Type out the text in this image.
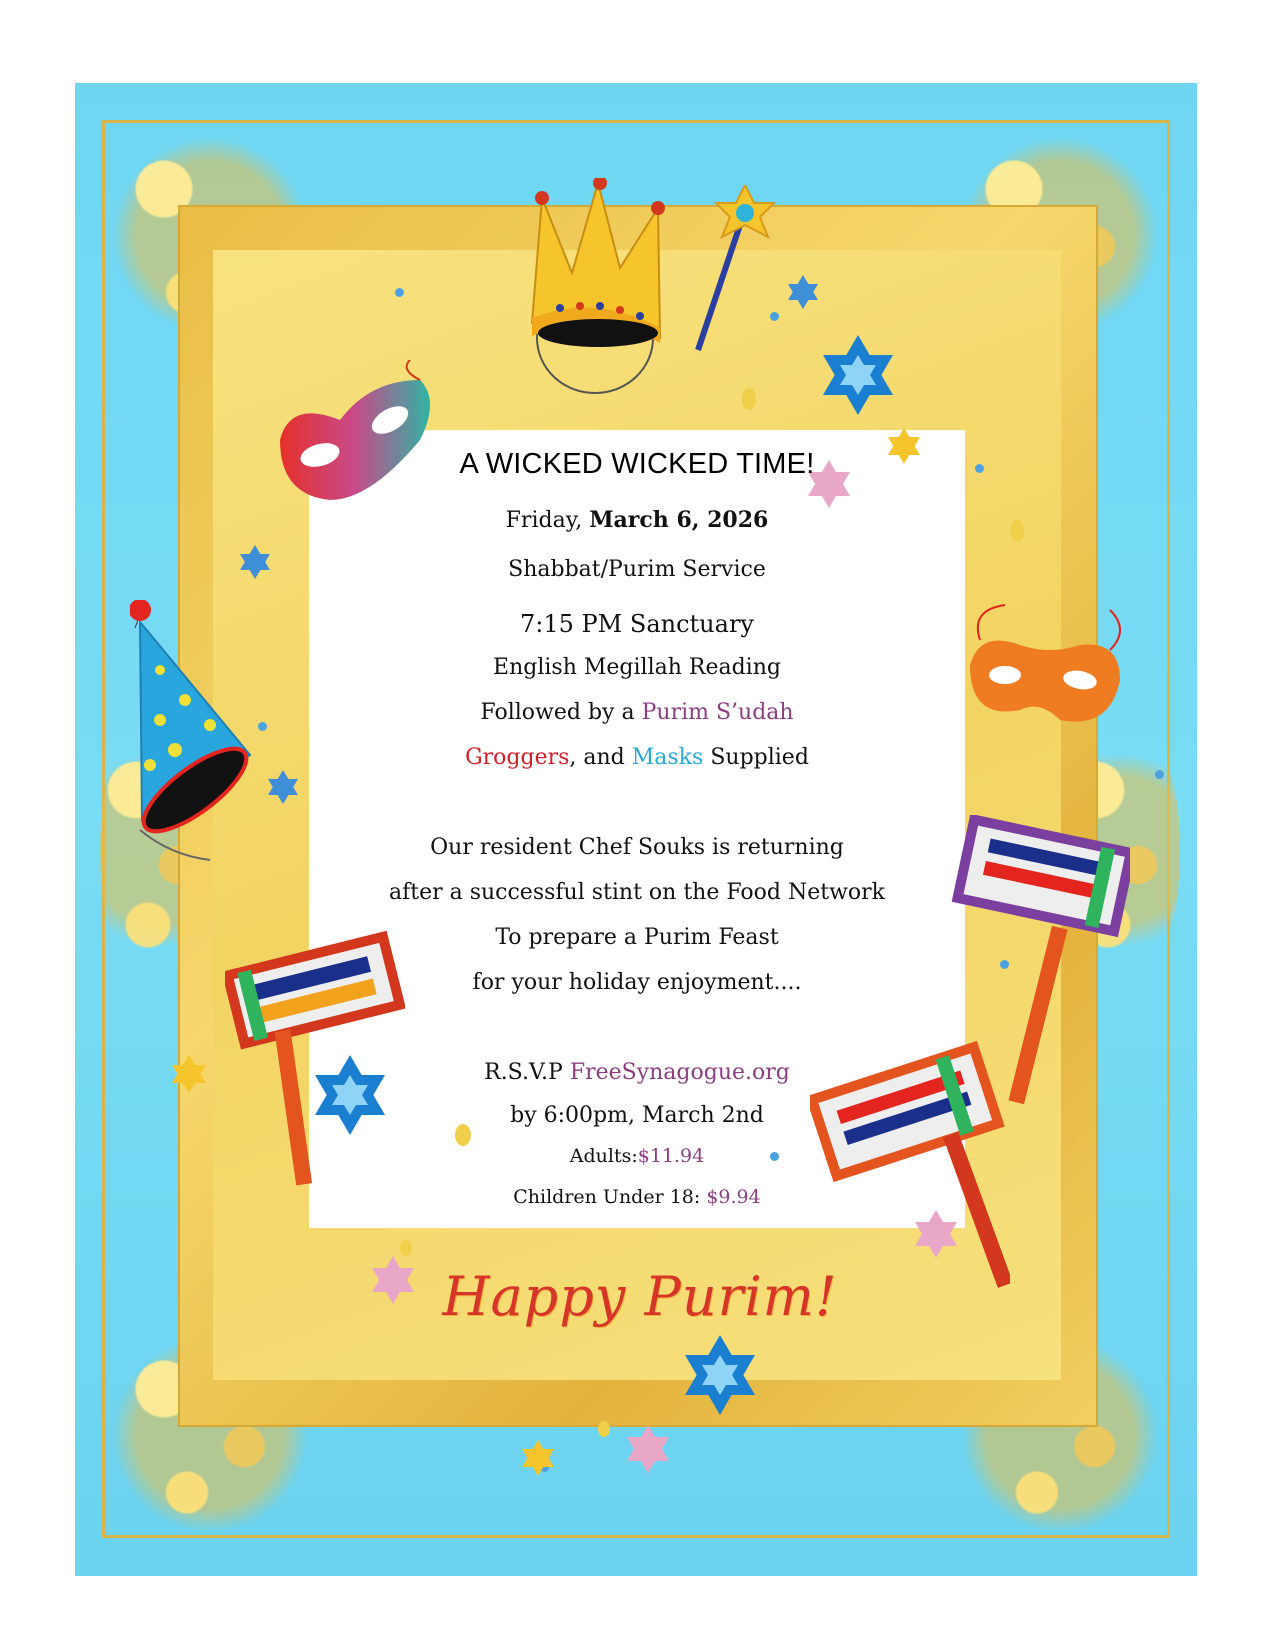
A WICKED WICKED TIME!
Friday, March 6, 2026
Shabbat/Purim Service
7:15 PM Sanctuary
English Megillah Reading
Followed by a Purim S’udah
Groggers, and Masks Supplied
Our resident Chef Souks is returning
after a successful stint on the Food Network
To prepare a Purim Feast
for your holiday enjoyment....
R.S.V.P FreeSynagogue.org
by 6:00pm, March 2nd
Adults:$11.94
Children Under 18: $9.94
Happy Purim!
